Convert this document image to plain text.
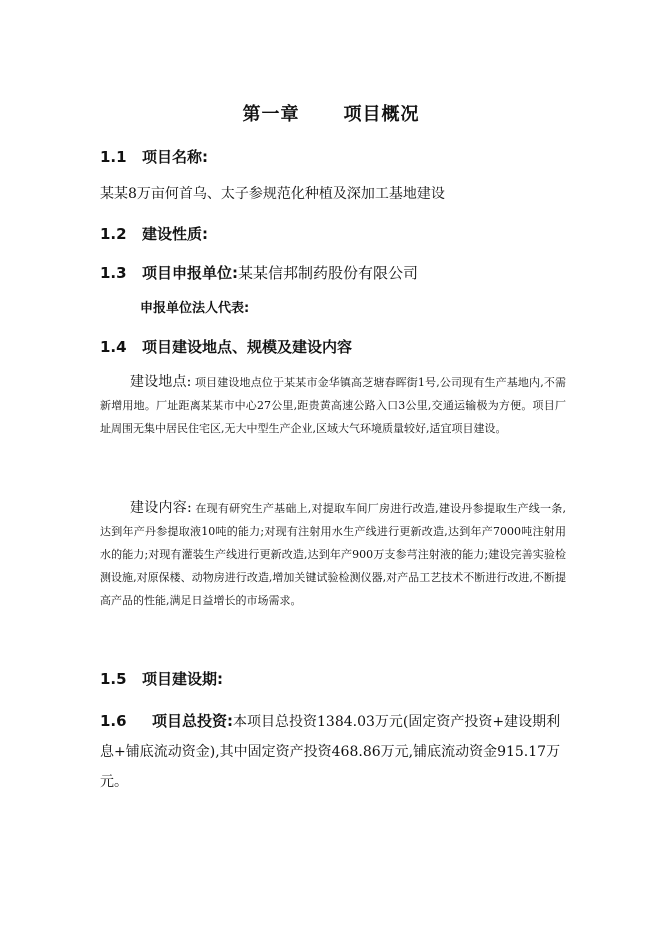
第一章 项目概况
1.1 项目名称:
某某8万亩何首乌、太子参规范化种植及深加工基地建设
1.2 建设性质:
1.3 项目申报单位:某某信邦制药股份有限公司
申报单位法人代表:
1.4 项目建设地点、规模及建设内容
建设地点: 项目建设地点位于某某市金华镇高芝塘春晖街1号,公司现有生产基地内,不需新增用地。厂址距离某某市中心27公里,距贵黄高速公路入口3公里,交通运输极为方便。项目厂址周围无集中居民住宅区,无大中型生产企业,区域大气环境质量较好,适宜项目建设。
建设内容: 在现有研究生产基础上,对提取车间厂房进行改造,建设丹参提取生产线一条,达到年产丹参提取液10吨的能力;对现有注射用水生产线进行更新改造,达到年产7000吨注射用水的能力;对现有灌装生产线进行更新改造,达到年产900万支参芎注射液的能力;建设完善实验检测设施,对原保楼、动物房进行改造,增加关键试验检测仪器,对产品工艺技术不断进行改进,不断提高产品的性能,满足日益增长的市场需求。
1.5 项目建设期:
1.6 项目总投资:本项目总投资1384.03万元(固定资产投资+建设期利息+铺底流动资金),其中固定资产投资468.86万元,铺底流动资金915.17万元。
